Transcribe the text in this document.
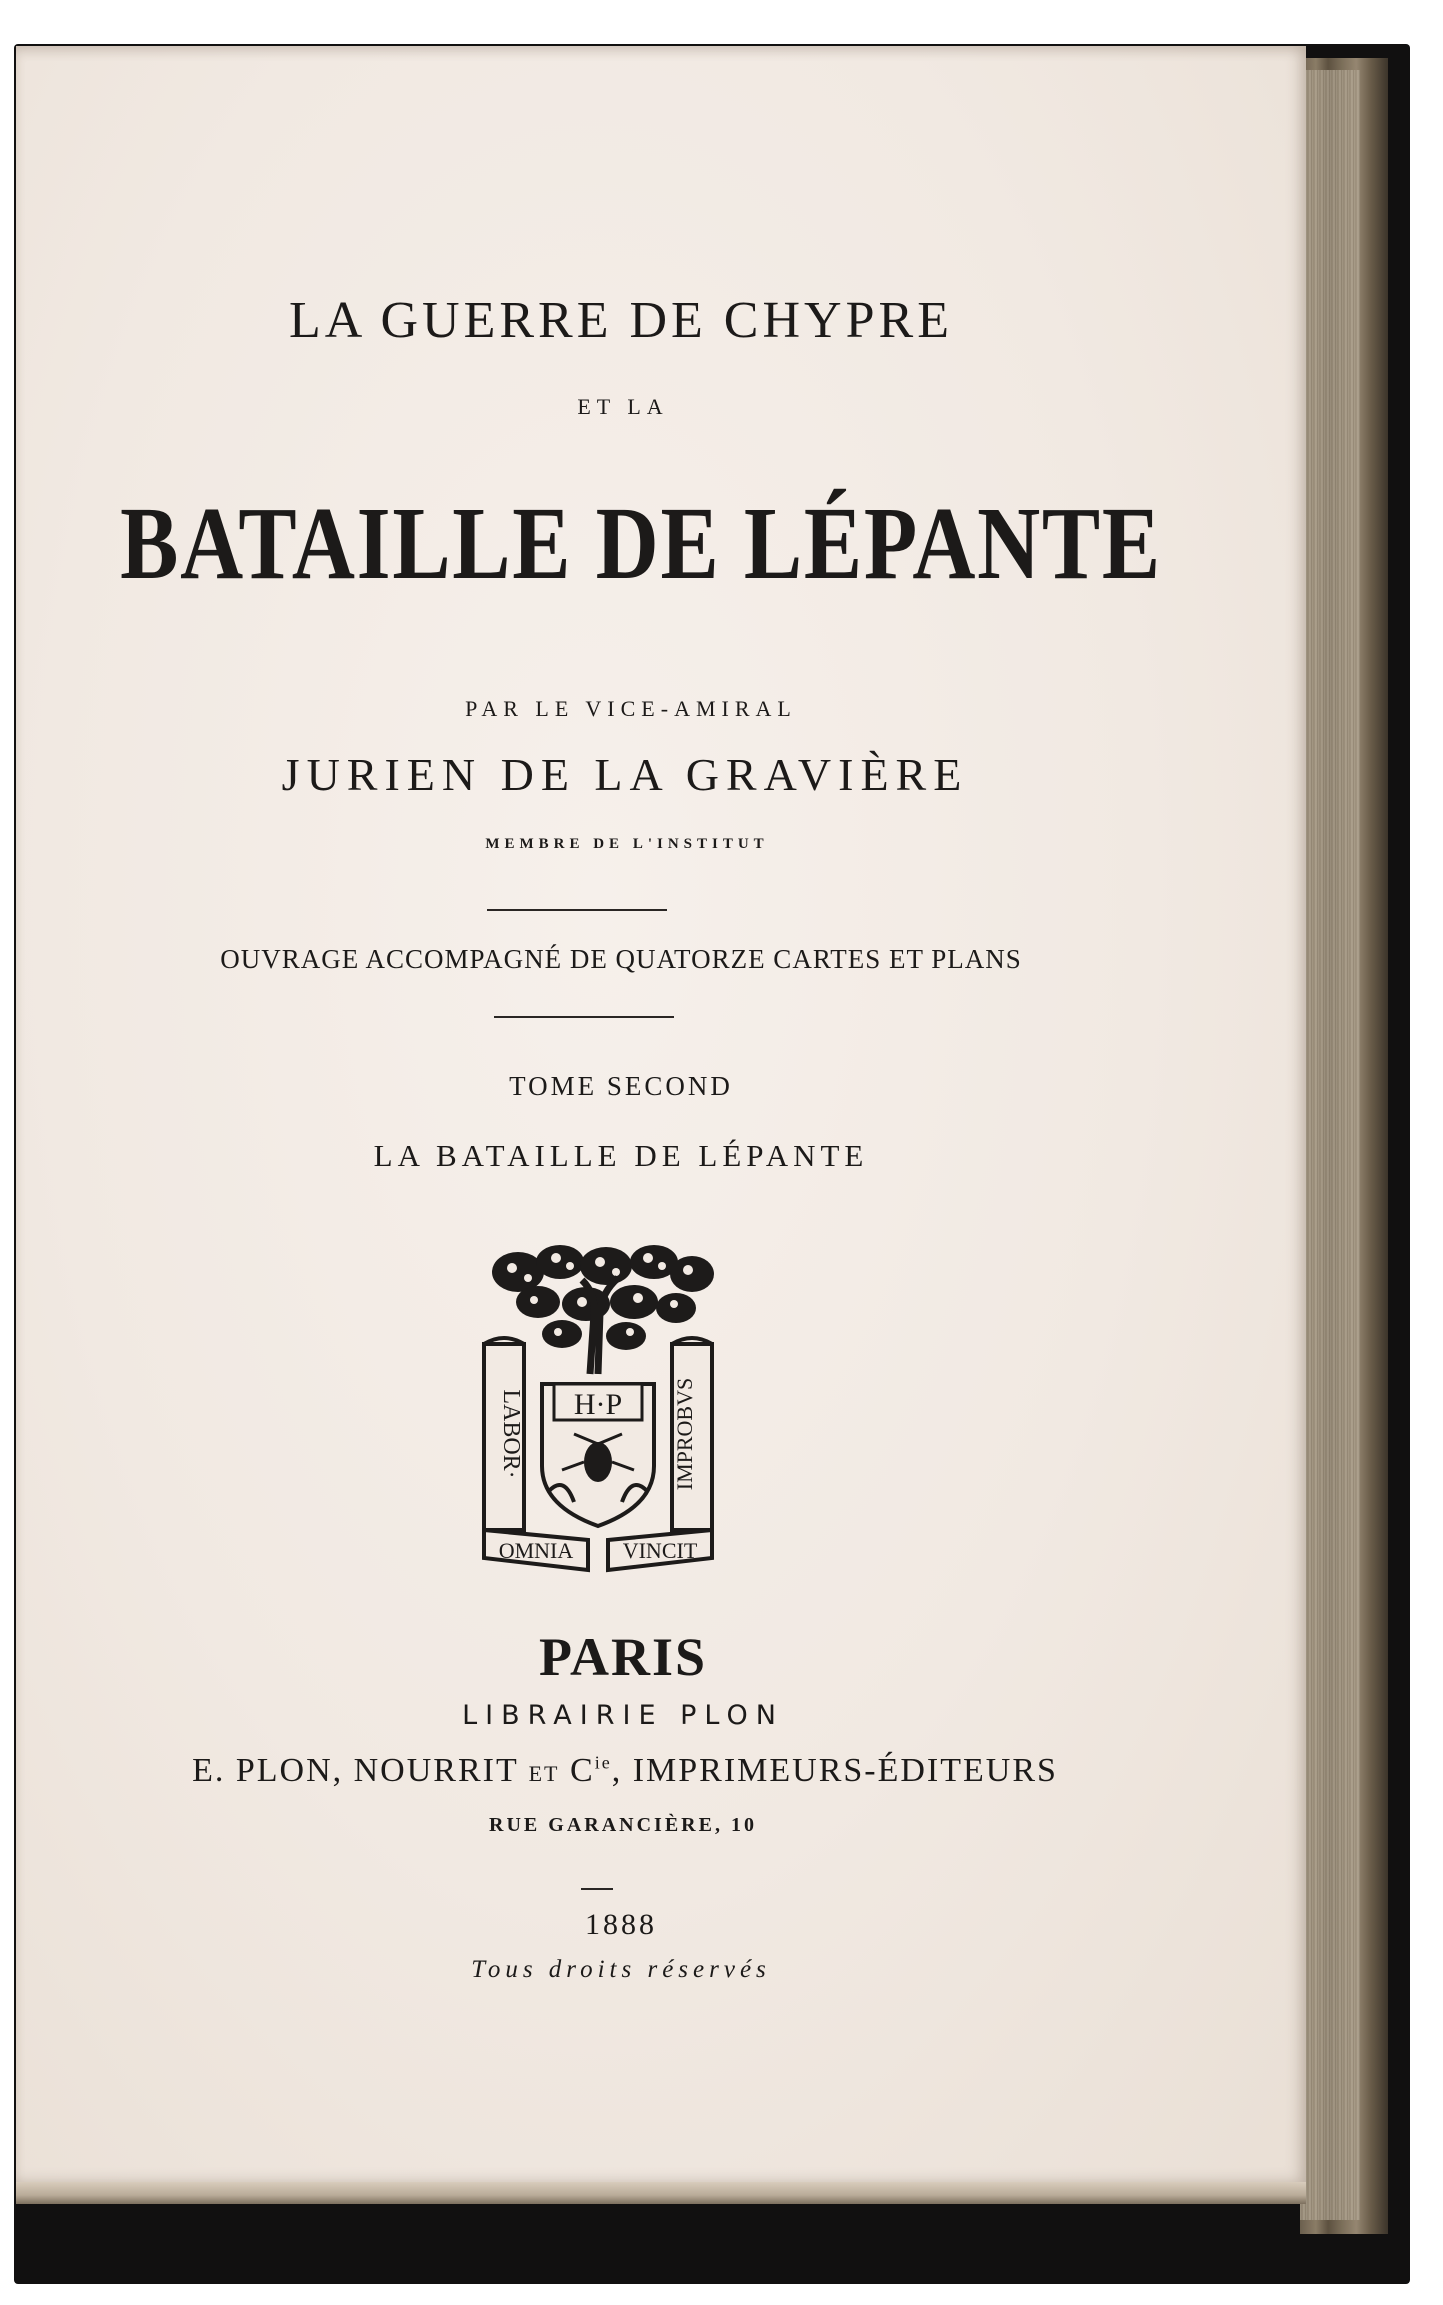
LA GUERRE DE CHYPRE
ET LA
BATAILLE DE LÉPANTE
PAR LE VICE-AMIRAL
JURIEN DE LA GRAVIÈRE
MEMBRE DE L'INSTITUT
OUVRAGE ACCOMPAGNÉ DE QUATORZE CARTES ET PLANS
TOME SECOND
LA BATAILLE DE LÉPANTE
LABOR·	IMPROBVS
H·P
OMNIA VINCIT
PARIS
LIBRAIRIE PLON
E. PLON, NOURRIT ET $C^{ie}$, IMPRIMEURS-ÉDITEURS
RUE GARANCIÈRE, 10
1888
Tous droits réservés
